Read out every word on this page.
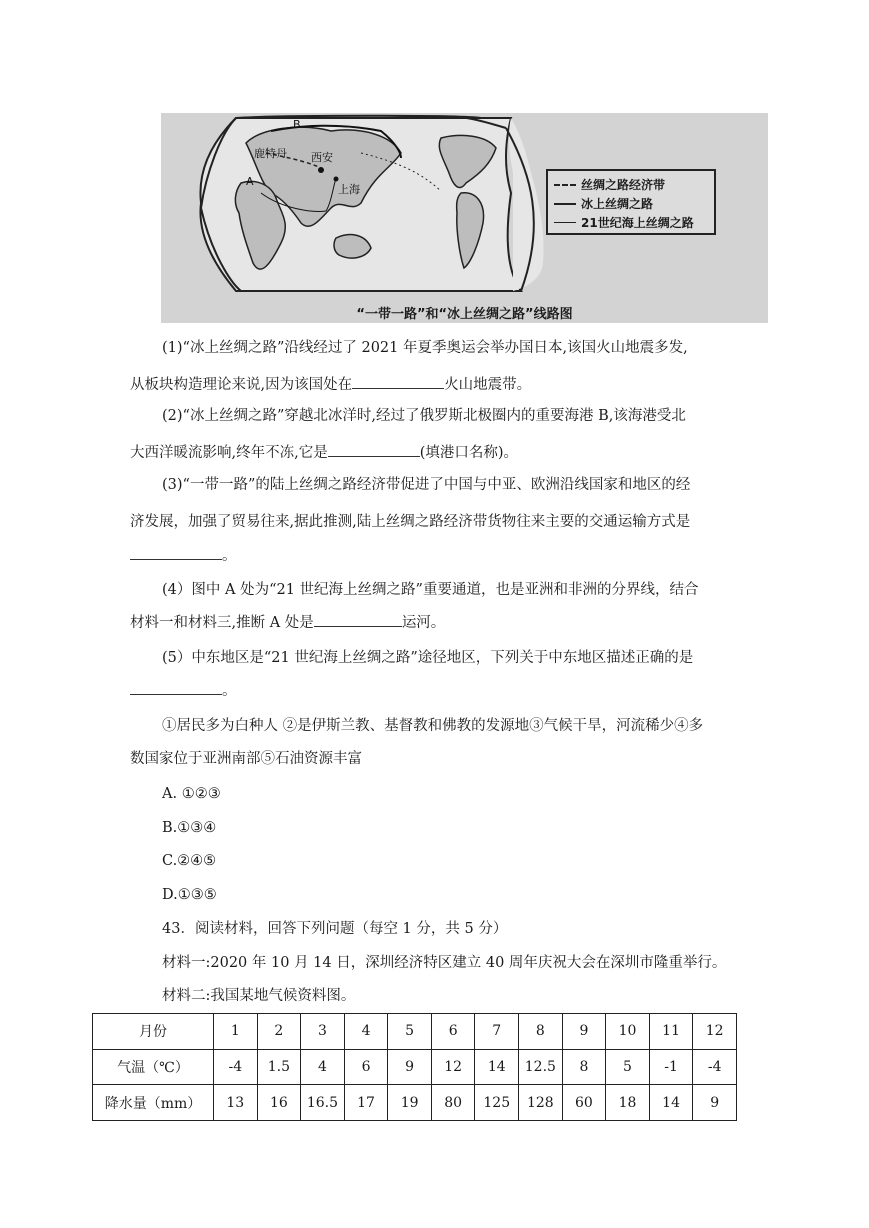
B
鹿特丹 西安
A
上海	丝绸之路经济带
冰上丝绸之路
21世纪海上丝绸之路
“一带一路”和“冰上丝绸之路”线路图

(1)“冰上丝绸之路”沿线经过了 2021 年夏季奥运会举办国日本,该国火山地震多发,

从板块构造理论来说,因为该国处在	火山地震带。

(2)“冰上丝绸之路”穿越北冰洋时,经过了俄罗斯北极圈内的重要海港 B,该海港受北

大西洋暖流影响,终年不冻,它是	(填港口名称)。

(3)“一带一路”的陆上丝绸之路经济带促进了中国与中亚、欧洲沿线国家和地区的经

济发展，加强了贸易往来,据此推测,陆上丝绸之路经济带货物往来主要的交通运输方式是

。

(4）图中 A 处为“21 世纪海上丝绸之路”重要通道，也是亚洲和非洲的分界线，结合

材料一和材料三,推断 A 处是	运河。

(5）中东地区是“21 世纪海上丝绸之路”途径地区，下列关于中东地区描述正确的是

。

①居民多为白种人 ②是伊斯兰教、基督教和佛教的发源地③气候干旱，河流稀少④多

数国家位于亚洲南部⑤石油资源丰富

A. ①②③
B.①③④
C.②④⑤
D.①③⑤

43．阅读材料，回答下列问题（每空 1 分，共 5 分）

材料一:2020 年 10 月 14 日，深圳经济特区建立 40 周年庆祝大会在深圳市隆重举行。

材料二:我国某地气候资料图。

月份	1	2	3	4	5	6	7	8	9	10	11	12
气温（℃）	-4	1.5	4	6	9	12	14	12.5	8	5	-1	-4
降水量（mm）	13	16	16.5	17	19	80	125	128	60	18	14	9
